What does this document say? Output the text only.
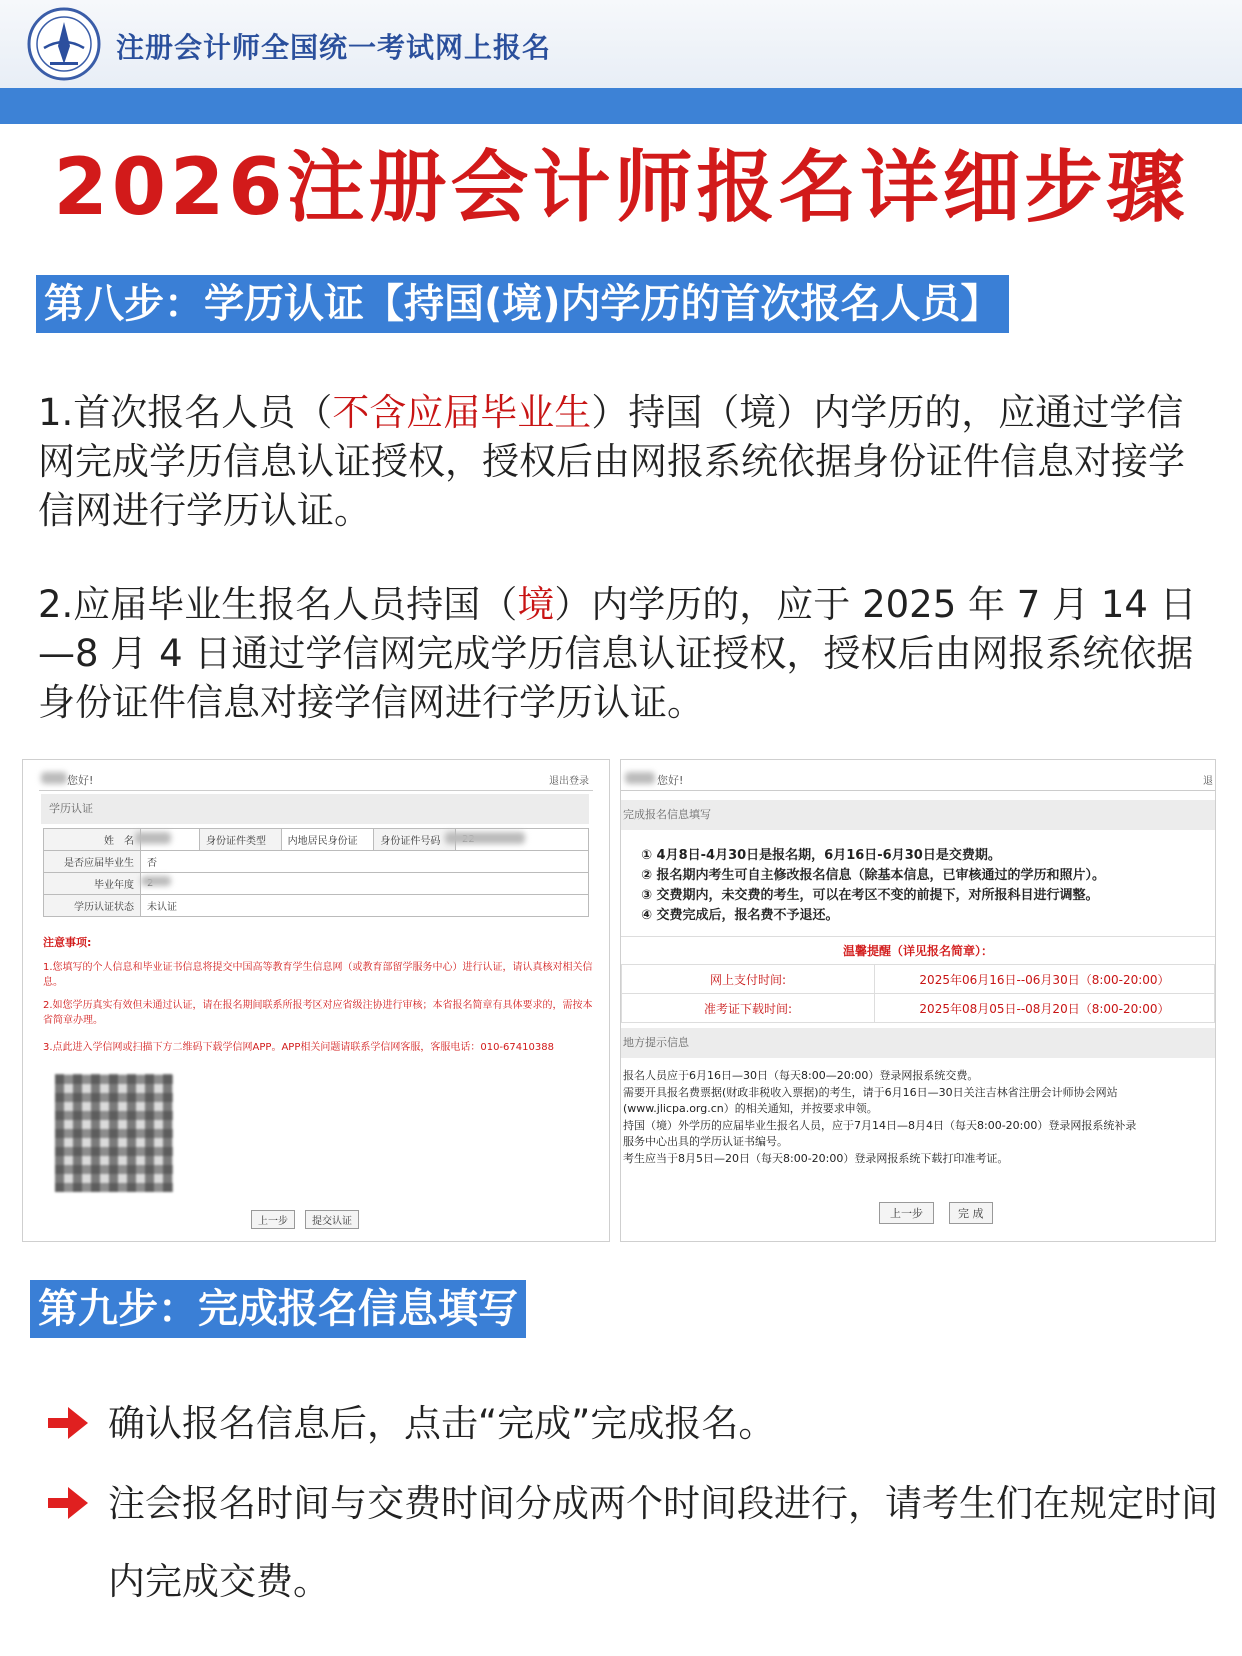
注册会计师全国统一考试网上报名
2026注册会计师报名详细步骤
第八步：学历认证【持国(境)内学历的首次报名人员】
1.首次报名人员（不含应届毕业生）持国（境）内学历的，应通过学信网完成学历信息认证授权，授权后由网报系统依据身份证件信息对接学信网进行学历认证。
2.应届毕业生报名人员持国（境）内学历的，应于 2025 年 7 月 14 日 —8 月 4 日通过学信网完成学历信息认证授权，授权后由网报系统依据身份证件信息对接学信网进行学历认证。
您好!	退出登录
学历认证
姓　名		身份证件类型	内地居民身份证	身份证件号码	
是否应届毕业生	否				
毕业年度	
学历认证状态	未认证				
注意事项:
1.您填写的个人信息和毕业证书信息将提交中国高等教育学生信息网（或教育部留学服务中心）进行认证，请认真核对相关信息。
2.如您学历真实有效但未通过认证，请在报名期间联系所报考区对应省级注协进行审核；本省报名简章有具体要求的，需按本省简章办理。
3.点此进入学信网或扫描下方二维码下载学信网APP。APP相关问题请联系学信网客服，客服电话：010-67410388
上一步	提交认证
您好!	退
完成报名信息填写
① 4月8日-4月30日是报名期，6月16日-6月30日是交费期。
② 报名期内考生可自主修改报名信息（除基本信息，已审核通过的学历和照片）。
③ 交费期内，未交费的考生，可以在考区不变的前提下，对所报科目进行调整。
④ 交费完成后，报名费不予退还。
温馨提醒（详见报名简章）：
网上支付时间:	2025年06月16日--06月30日（8:00-20:00）
准考证下载时间:	2025年08月05日--08月20日（8:00-20:00）
地方提示信息
报名人员应于6月16日—30日（每天8:00—20:00）登录网报系统交费。
需要开具报名费票据(财政非税收入票据)的考生，请于6月16日—30日关注吉林省注册会计师协会网站
(www.jlicpa.org.cn）的相关通知，并按要求申领。
持国（境）外学历的应届毕业生报名人员，应于7月14日—8月4日（每天8:00-20:00）登录网报系统补录
服务中心出具的学历认证书编号。
考生应当于8月5日—20日（每天8:00-20:00）登录网报系统下载打印准考证。
上一步	完 成
第九步：完成报名信息填写
确认报名信息后，点击“完成”完成报名。
注会报名时间与交费时间分成两个时间段进行，请考生们在规定时间内完成交费。
